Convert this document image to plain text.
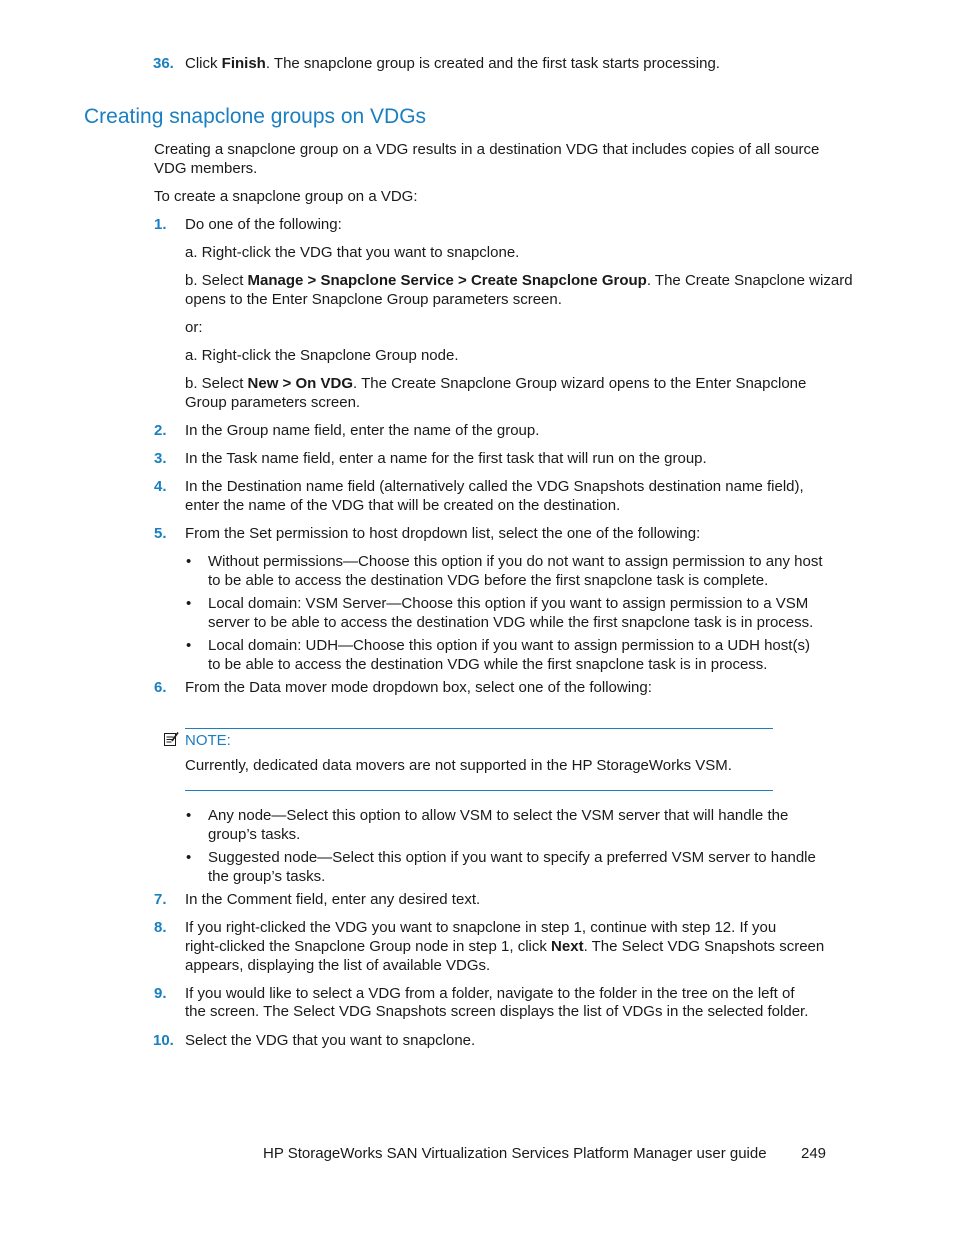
36. Click Finish. The snapclone group is created and the first task starts processing.
Creating snapclone groups on VDGs
Creating a snapclone group on a VDG results in a destination VDG that includes copies of all source
VDG members.
To create a snapclone group on a VDG:
1. Do one of the following:
a. Right-click the VDG that you want to snapclone.
b. Select Manage > Snapclone Service > Create Snapclone Group. The Create Snapclone wizard
opens to the Enter Snapclone Group parameters screen.
or:
a. Right-click the Snapclone Group node.
b. Select New > On VDG. The Create Snapclone Group wizard opens to the Enter Snapclone
Group parameters screen.
2. In the Group name field, enter the name of the group.
3. In the Task name field, enter a name for the first task that will run on the group.
4. In the Destination name field (alternatively called the VDG Snapshots destination name field),
enter the name of the VDG that will be created on the destination.
5. From the Set permission to host dropdown list, select the one of the following:
• Without permissions—Choose this option if you do not want to assign permission to any host
to be able to access the destination VDG before the first snapclone task is complete.
• Local domain: VSM Server—Choose this option if you want to assign permission to a VSM
server to be able to access the destination VDG while the first snapclone task is in process.
• Local domain: UDH—Choose this option if you want to assign permission to a UDH host(s)
to be able to access the destination VDG while the first snapclone task is in process.
6. From the Data mover mode dropdown box, select one of the following:
NOTE:
Currently, dedicated data movers are not supported in the HP StorageWorks VSM.
• Any node—Select this option to allow VSM to select the VSM server that will handle the
group’s tasks.
• Suggested node—Select this option if you want to specify a preferred VSM server to handle
the group’s tasks.
7. In the Comment field, enter any desired text.
8. If you right-clicked the VDG you want to snapclone in step 1, continue with step 12. If you
right-clicked the Snapclone Group node in step 1, click Next. The Select VDG Snapshots screen
appears, displaying the list of available VDGs.
9. If you would like to select a VDG from a folder, navigate to the folder in the tree on the left of
the screen. The Select VDG Snapshots screen displays the list of VDGs in the selected folder.
10. Select the VDG that you want to snapclone.
HP StorageWorks SAN Virtualization Services Platform Manager user guide 249
